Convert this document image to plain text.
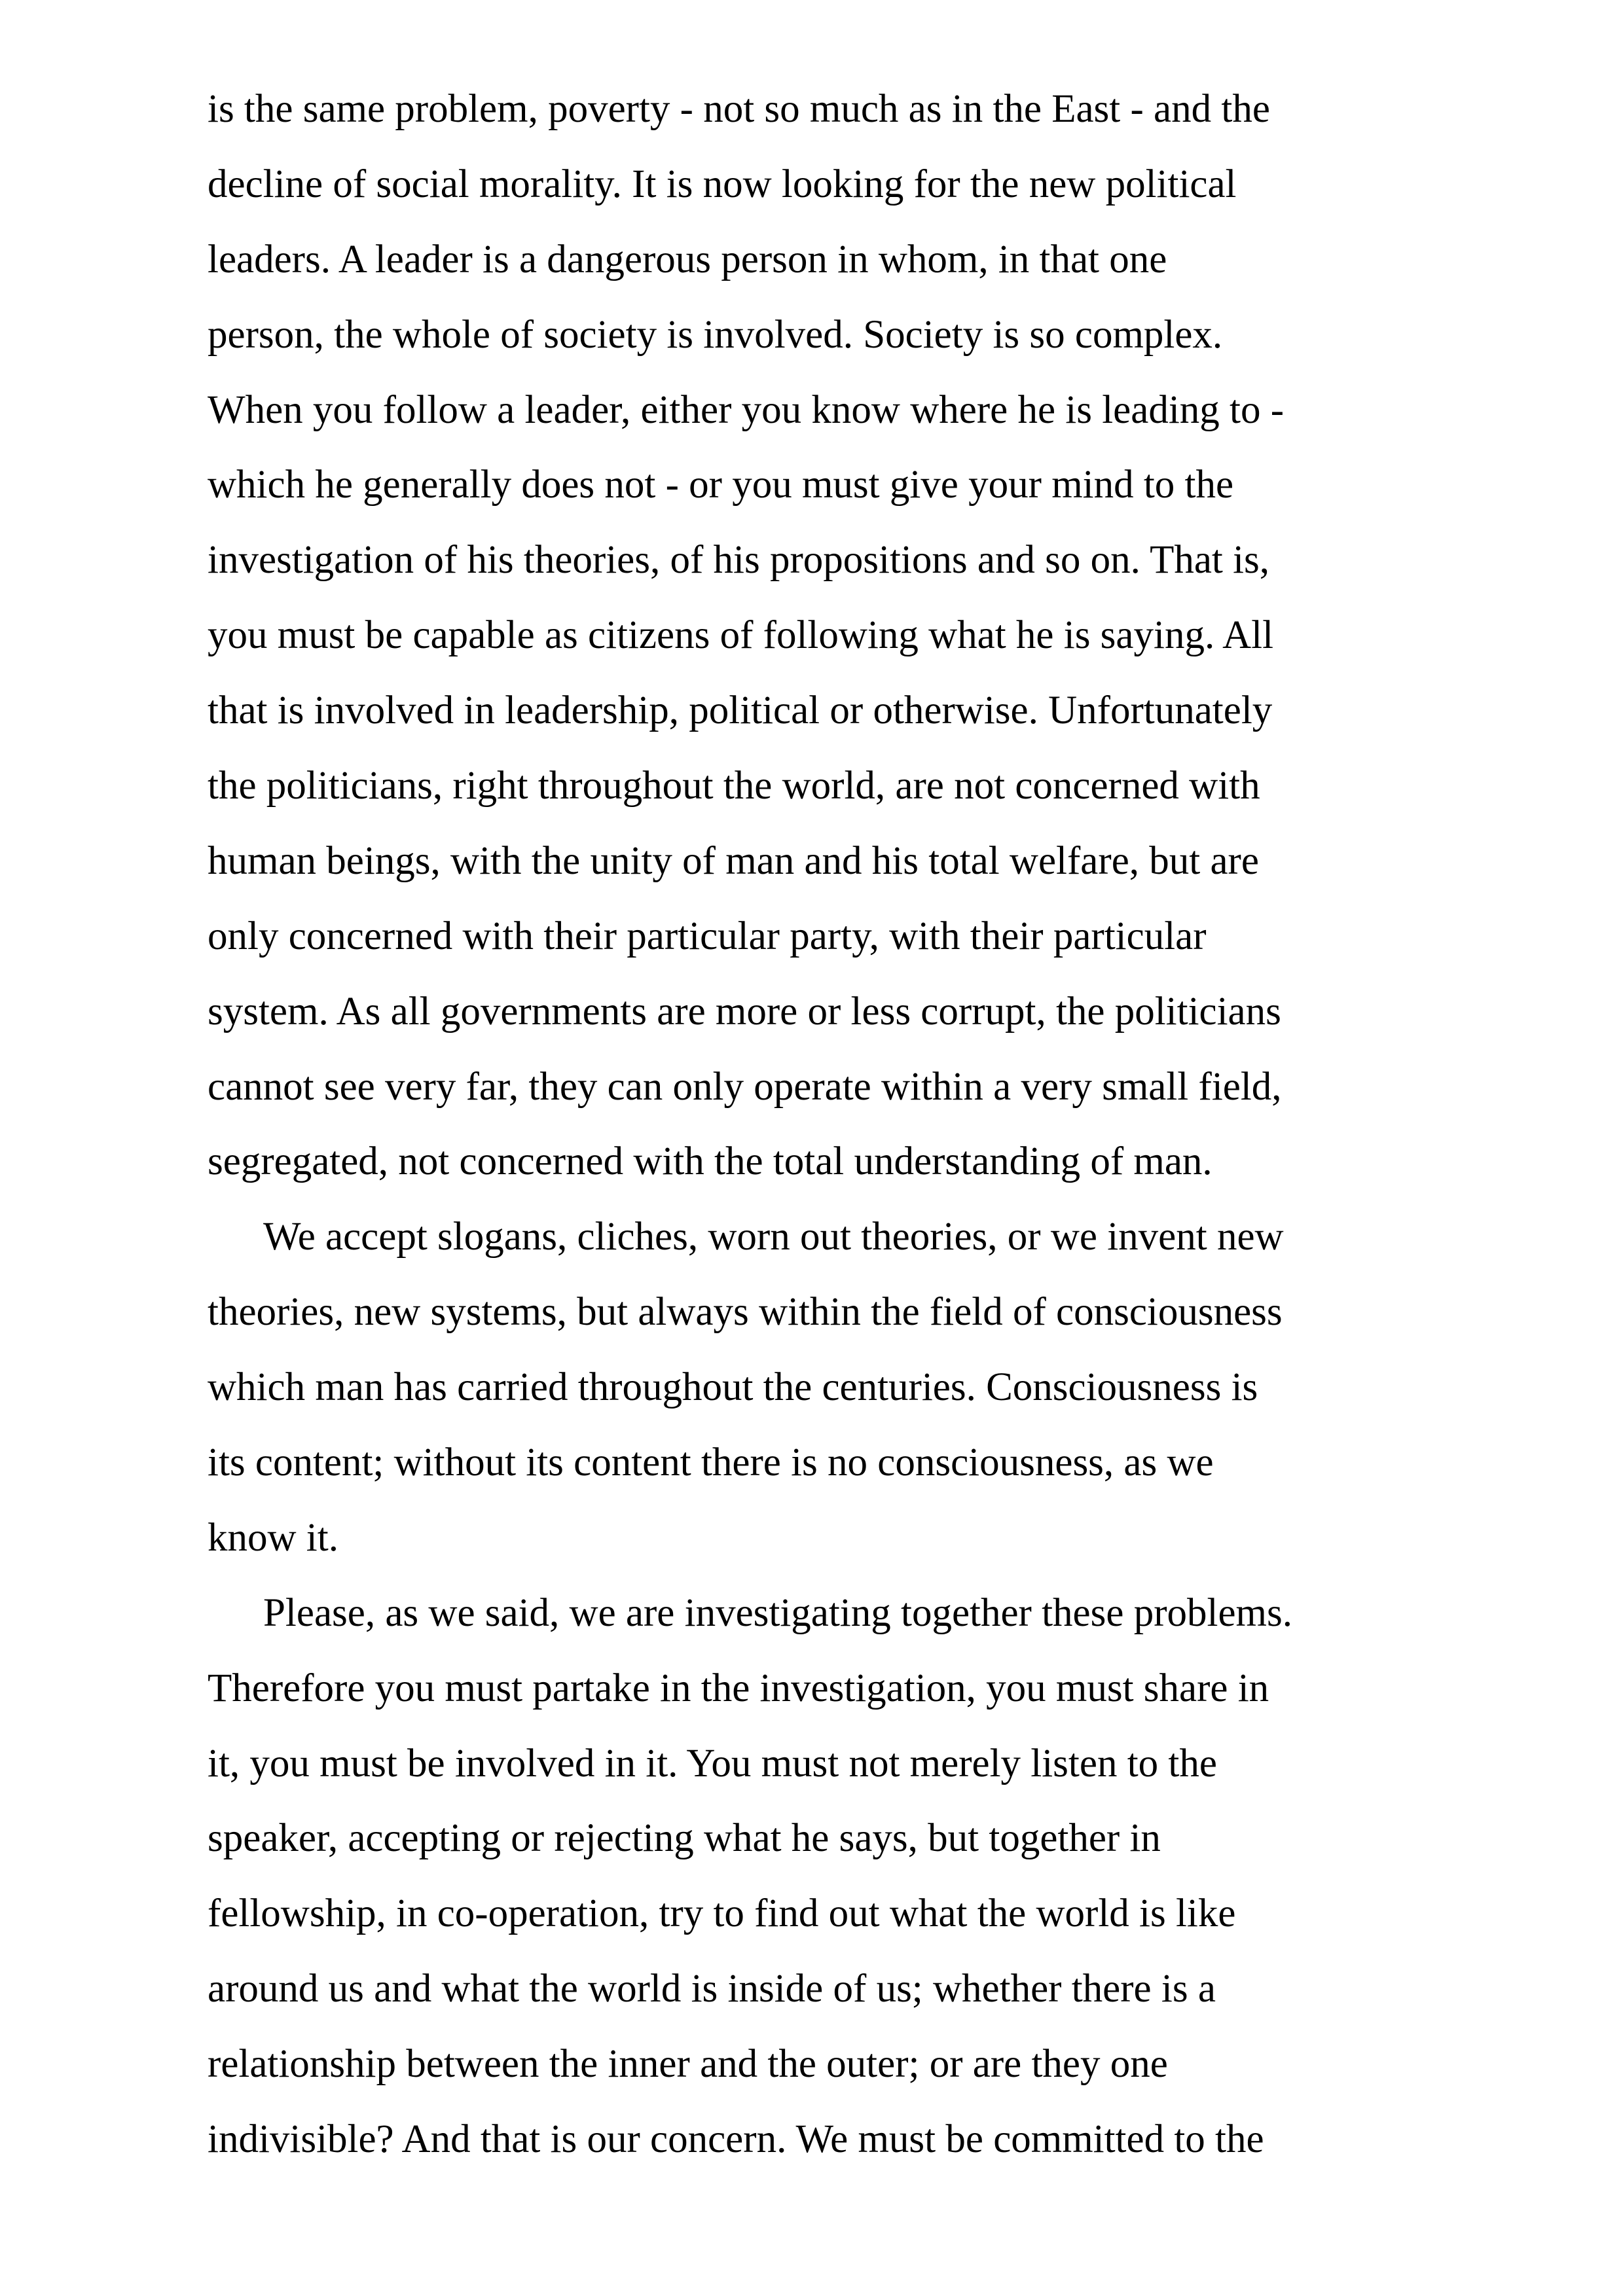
is the same problem, poverty - not so much as in the East - and the
decline of social morality. It is now looking for the new political
leaders. A leader is a dangerous person in whom, in that one
person, the whole of society is involved. Society is so complex.
When you follow a leader, either you know where he is leading to -
which he generally does not - or you must give your mind to the
investigation of his theories, of his propositions and so on. That is,
you must be capable as citizens of following what he is saying. All
that is involved in leadership, political or otherwise. Unfortunately
the politicians, right throughout the world, are not concerned with
human beings, with the unity of man and his total welfare, but are
only concerned with their particular party, with their particular
system. As all governments are more or less corrupt, the politicians
cannot see very far, they can only operate within a very small field,
segregated, not concerned with the total understanding of man.
We accept slogans, cliches, worn out theories, or we invent new
theories, new systems, but always within the field of consciousness
which man has carried throughout the centuries. Consciousness is
its content; without its content there is no consciousness, as we
know it.
Please, as we said, we are investigating together these problems.
Therefore you must partake in the investigation, you must share in
it, you must be involved in it. You must not merely listen to the
speaker, accepting or rejecting what he says, but together in
fellowship, in co-operation, try to find out what the world is like
around us and what the world is inside of us; whether there is a
relationship between the inner and the outer; or are they one
indivisible? And that is our concern. We must be committed to the
